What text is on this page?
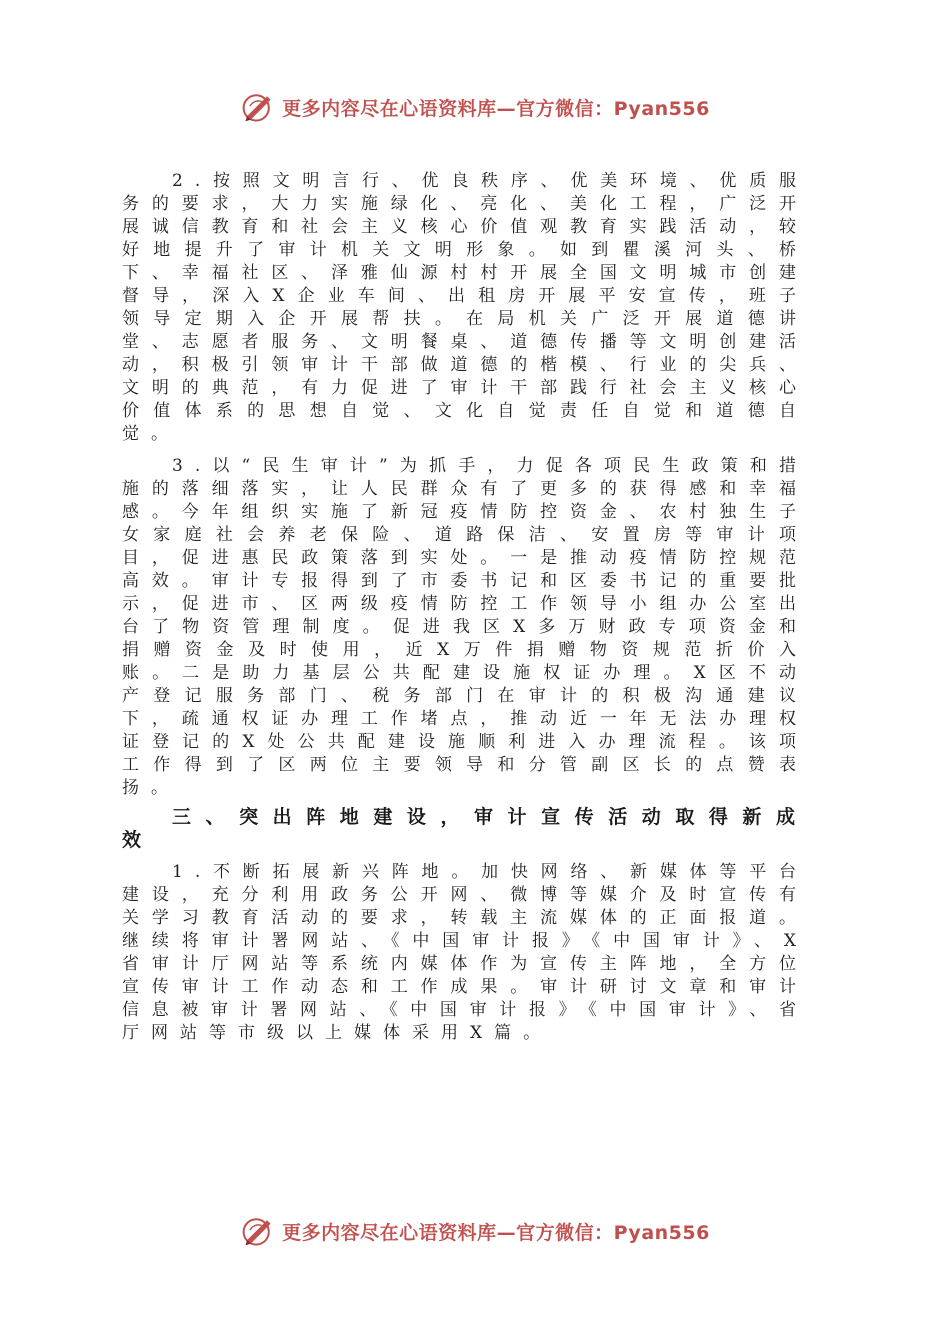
更多内容尽在心语资料库—官方微信：Pyan556

2.按照文明言行、优良秩序、优美环境、优质服务的要求，大力实施绿化、亮化、美化工程，广泛开展诚信教育和社会主义核心价值观教育实践活动，较好地提升了审计机关文明形象。如到瞿溪河头、桥下、幸福社区、泽雅仙源村村开展全国文明城市创建督导，深入X企业车间、出租房开展平安宣传，班子领导定期入企开展帮扶。在局机关广泛开展道德讲堂、志愿者服务、文明餐桌、道德传播等文明创建活动，积极引领审计干部做道德的楷模、行业的尖兵、文明的典范，有力促进了审计干部践行社会主义核心价值体系的思想自觉、文化自觉责任自觉和道德自觉。

3.以“民生审计”为抓手，力促各项民生政策和措施的落细落实，让人民群众有了更多的获得感和幸福感。今年组织实施了新冠疫情防控资金、农村独生子女家庭社会养老保险、道路保洁、安置房等审计项目，促进惠民政策落到实处。一是推动疫情防控规范高效。审计专报得到了市委书记和区委书记的重要批示，促进市、区两级疫情防控工作领导小组办公室出台了物资管理制度。促进我区X多万财政专项资金和捐赠资金及时使用，近X万件捐赠物资规范折价入账。二是助力基层公共配建设施权证办理。X区不动产登记服务部门、税务部门在审计的积极沟通建议下，疏通权证办理工作堵点，推动近一年无法办理权证登记的X处公共配建设施顺利进入办理流程。该项工作得到了区两位主要领导和分管副区长的点赞表扬。

三、突出阵地建设，审计宣传活动取得新成效

1.不断拓展新兴阵地。加快网络、新媒体等平台建设，充分利用政务公开网、微博等媒介及时宣传有关学习教育活动的要求，转载主流媒体的正面报道。继续将审计署网站、《中国审计报》《中国审计》、X省审计厅网站等系统内媒体作为宣传主阵地，全方位宣传审计工作动态和工作成果。审计研讨文章和审计信息被审计署网站、《中国审计报》《中国审计》、省厅网站等市级以上媒体采用X篇。

更多内容尽在心语资料库—官方微信：Pyan556
